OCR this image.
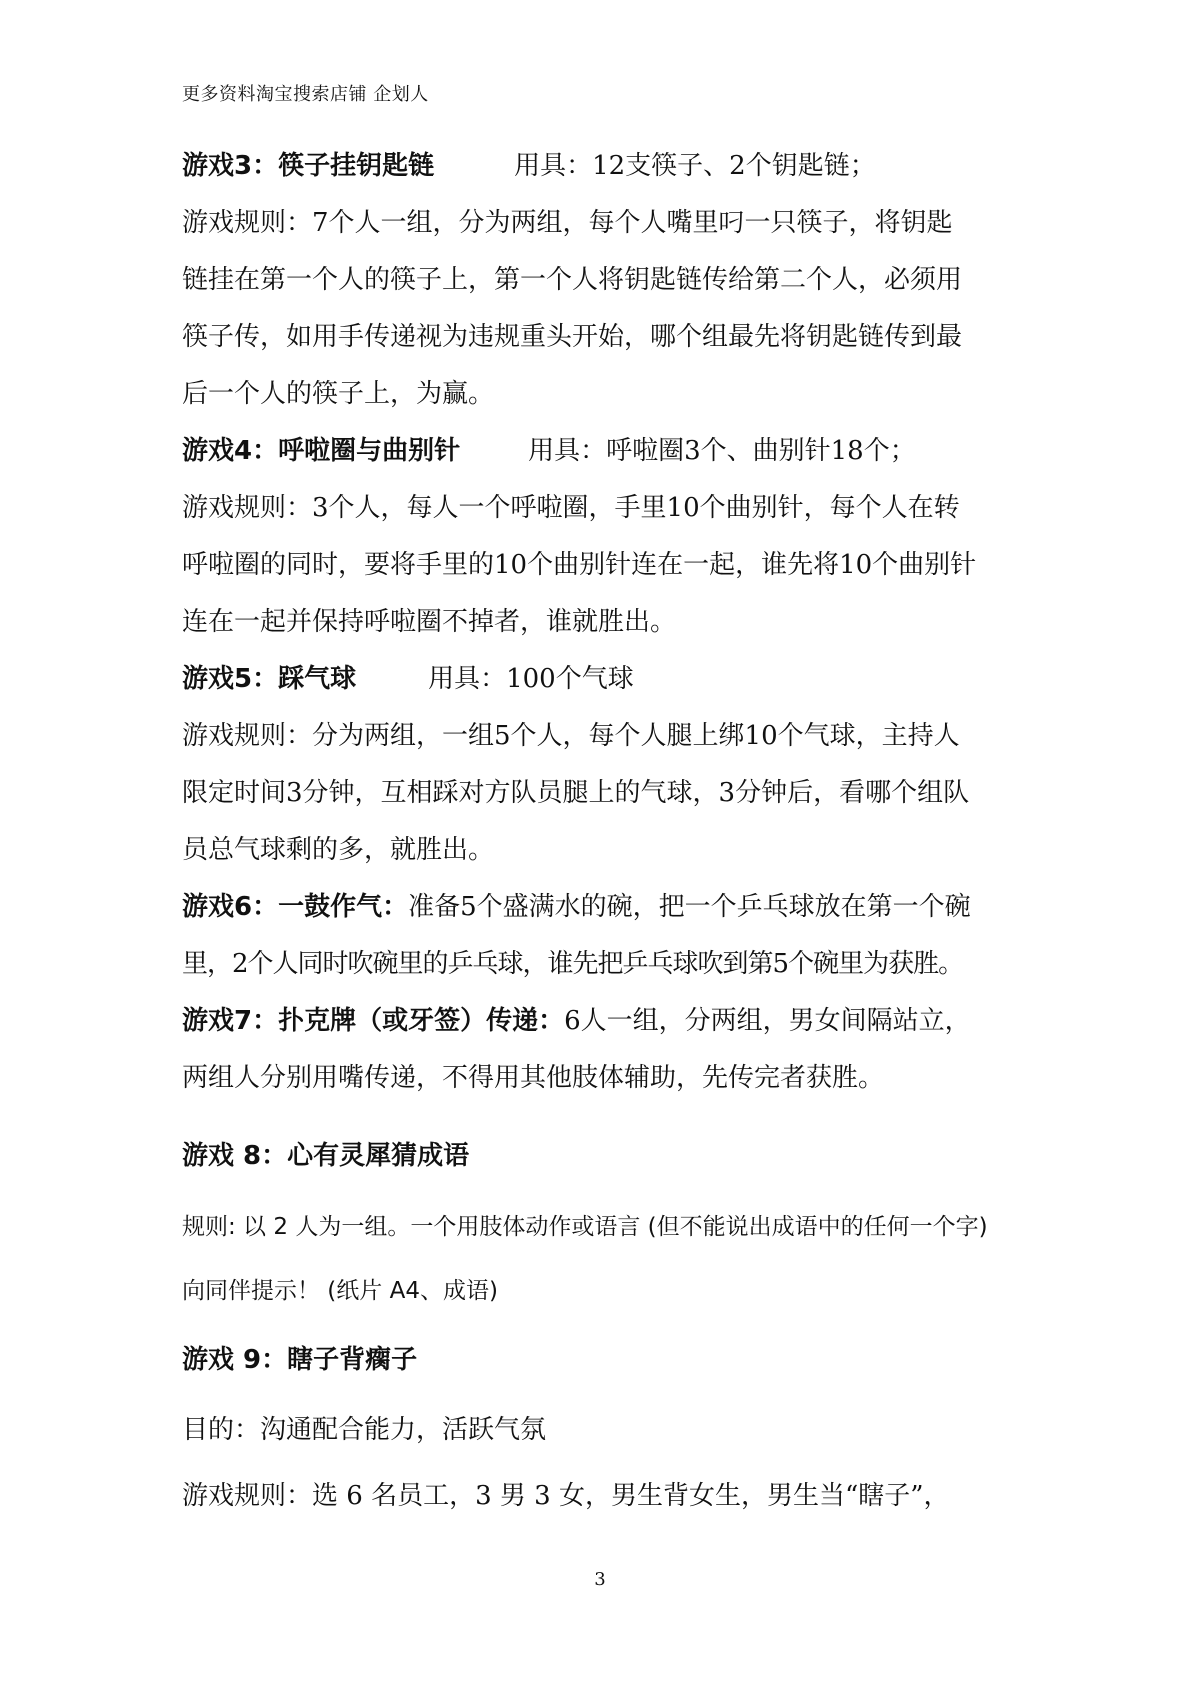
更多资料淘宝搜索店铺 企划人
游戏3：筷子挂钥匙链	用具：12支筷子、2个钥匙链；
游戏规则：7个人一组，分为两组，每个人嘴里叼一只筷子，将钥匙
链挂在第一个人的筷子上，第一个人将钥匙链传给第二个人，必须用
筷子传，如用手传递视为违规重头开始，哪个组最先将钥匙链传到最
后一个人的筷子上，为赢。
游戏4：呼啦圈与曲别针	用具：呼啦圈3个、曲别针18个；
游戏规则：3个人，每人一个呼啦圈，手里10个曲别针，每个人在转
呼啦圈的同时，要将手里的10个曲别针连在一起，谁先将10个曲别针
连在一起并保持呼啦圈不掉者，谁就胜出。
游戏5：踩气球	用具：100个气球
游戏规则：分为两组，一组5个人，每个人腿上绑10个气球，主持人
限定时间3分钟，互相踩对方队员腿上的气球，3分钟后，看哪个组队
员总气球剩的多，就胜出。
游戏6：一鼓作气：准备5个盛满水的碗，把一个乒乓球放在第一个碗
里，2个人同时吹碗里的乒乓球，谁先把乒乓球吹到第5个碗里为获胜。
游戏7：扑克牌（或牙签）传递：6人一组，分两组，男女间隔站立，
两组人分别用嘴传递，不得用其他肢体辅助，先传完者获胜。
游戏 8：心有灵犀猜成语
规则: 以 2 人为一组。一个用肢体动作或语言 (但不能说出成语中的任何一个字)
向同伴提示！ (纸片 A4、成语)
游戏 9：瞎子背瘸子
目的：沟通配合能力，活跃气氛
游戏规则：选 6 名员工，3 男 3 女，男生背女生，男生当“瞎子”，
3
